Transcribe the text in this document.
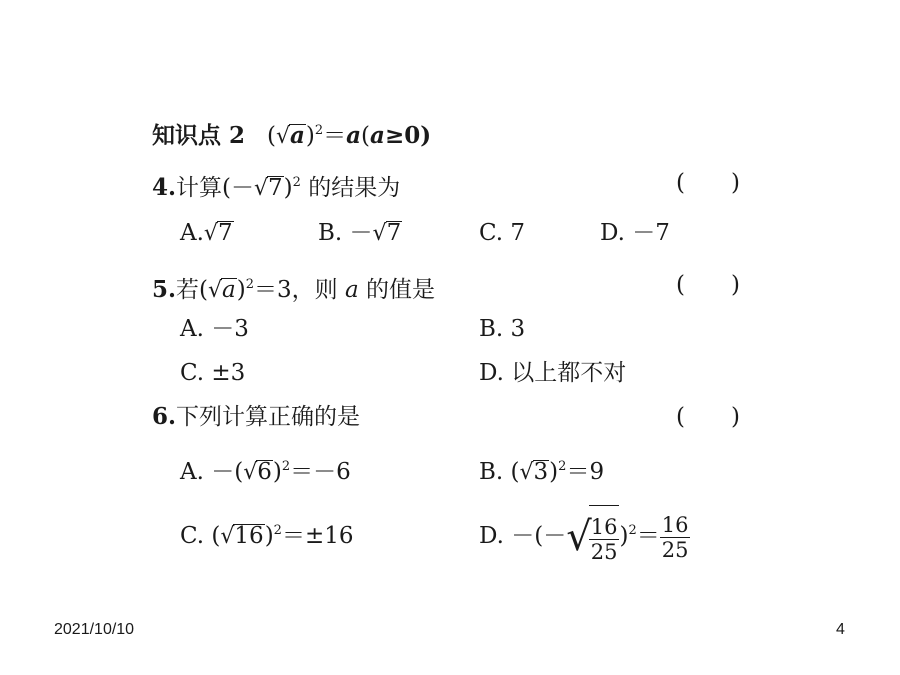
知识点 2 $(√a)^2=a(a\ge 0)$
4.计算$(-√7)^2$ 的结果为	(　　)
A.√7	B. －√7	C. 7	D. －7
5.若$(√a)^2=3$，则 a 的值是	(　　)
A. －3	B. 3
C. ±3	D. 以上都不对
6.下列计算正确的是	(　　)
A. $-(√6)^2=-6$	B. $(√3)^2=9$
C. $(√16)^2=\pm 16$	D. －(－√
$\frac{16}{25} )^2= \frac{16}{25}$
2021/10/10	4
